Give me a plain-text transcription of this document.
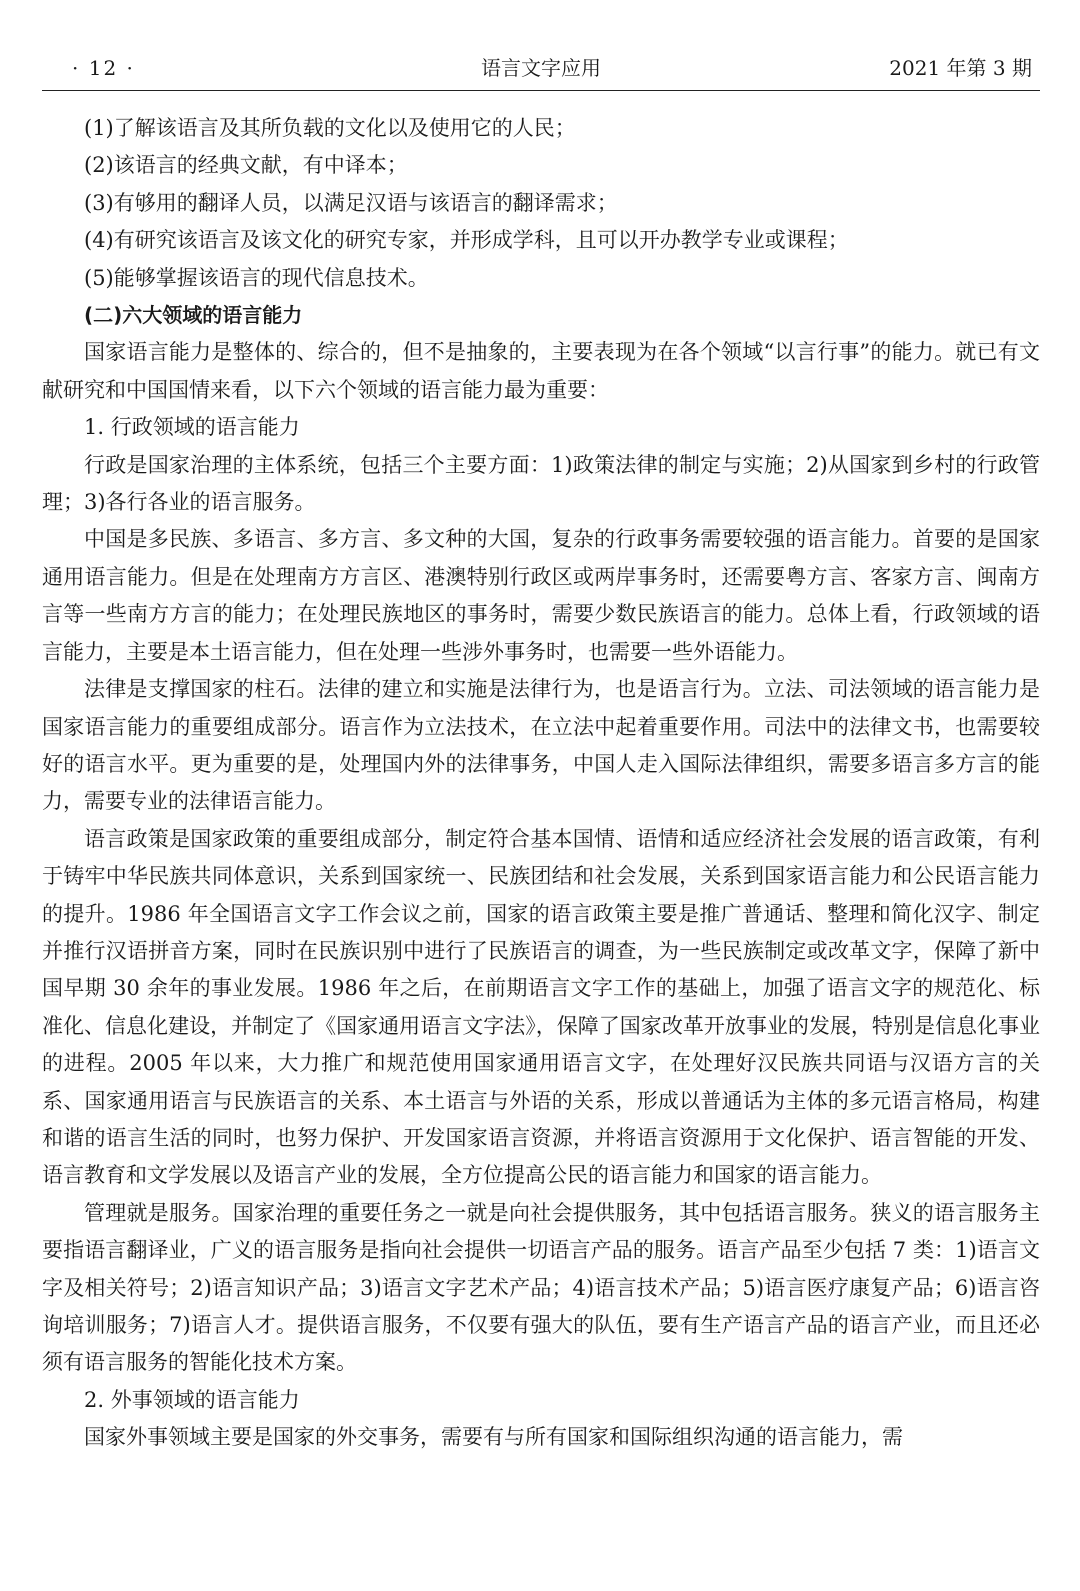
· 12 ·	语言文字应用	2021 年第 3 期

(1)了解该语言及其所负载的文化以及使用它的人民；

(2)该语言的经典文献，有中译本；

(3)有够用的翻译人员，以满足汉语与该语言的翻译需求；

(4)有研究该语言及该文化的研究专家，并形成学科，且可以开办教学专业或课程；

(5)能够掌握该语言的现代信息技术。

(二)六大领域的语言能力

国家语言能力是整体的、综合的，但不是抽象的，主要表现为在各个领域“以言行事”的能力。就已有文献研究和中国国情来看，以下六个领域的语言能力最为重要：

1. 行政领域的语言能力

行政是国家治理的主体系统，包括三个主要方面：1)政策法律的制定与实施；2)从国家到乡村的行政管理；3)各行各业的语言服务。

中国是多民族、多语言、多方言、多文种的大国，复杂的行政事务需要较强的语言能力。首要的是国家通用语言能力。但是在处理南方方言区、港澳特别行政区或两岸事务时，还需要粤方言、客家方言、闽南方言等一些南方方言的能力；在处理民族地区的事务时，需要少数民族语言的能力。总体上看，行政领域的语言能力，主要是本土语言能力，但在处理一些涉外事务时，也需要一些外语能力。

法律是支撑国家的柱石。法律的建立和实施是法律行为，也是语言行为。立法、司法领域的语言能力是国家语言能力的重要组成部分。语言作为立法技术，在立法中起着重要作用。司法中的法律文书，也需要较好的语言水平。更为重要的是，处理国内外的法律事务，中国人走入国际法律组织，需要多语言多方言的能力，需要专业的法律语言能力。

语言政策是国家政策的重要组成部分，制定符合基本国情、语情和适应经济社会发展的语言政策，有利于铸牢中华民族共同体意识，关系到国家统一、民族团结和社会发展，关系到国家语言能力和公民语言能力的提升。1986 年全国语言文字工作会议之前，国家的语言政策主要是推广普通话、整理和简化汉字、制定并推行汉语拼音方案，同时在民族识别中进行了民族语言的调查，为一些民族制定或改革文字，保障了新中国早期 30 余年的事业发展。1986 年之后，在前期语言文字工作的基础上，加强了语言文字的规范化、标准化、信息化建设，并制定了《国家通用语言文字法》，保障了国家改革开放事业的发展，特别是信息化事业的进程。2005 年以来，大力推广和规范使用国家通用语言文字，在处理好汉民族共同语与汉语方言的关系、国家通用语言与民族语言的关系、本土语言与外语的关系，形成以普通话为主体的多元语言格局，构建和谐的语言生活的同时，也努力保护、开发国家语言资源，并将语言资源用于文化保护、语言智能的开发、语言教育和文学发展以及语言产业的发展，全方位提高公民的语言能力和国家的语言能力。

管理就是服务。国家治理的重要任务之一就是向社会提供服务，其中包括语言服务。狭义的语言服务主要指语言翻译业，广义的语言服务是指向社会提供一切语言产品的服务。语言产品至少包括 7 类：1)语言文字及相关符号；2)语言知识产品；3)语言文字艺术产品；4)语言技术产品；5)语言医疗康复产品；6)语言咨询培训服务；7)语言人才。提供语言服务，不仅要有强大的队伍，要有生产语言产品的语言产业，而且还必须有语言服务的智能化技术方案。

2. 外事领域的语言能力

国家外事领域主要是国家的外交事务，需要有与所有国家和国际组织沟通的语言能力，需
